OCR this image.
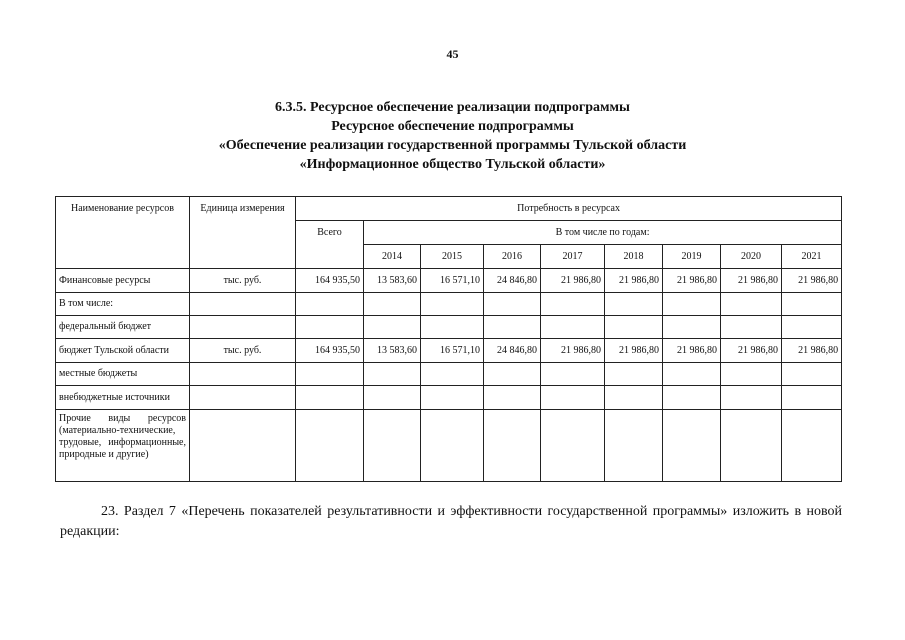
45
6.3.5. Ресурсное обеспечение реализации подпрограммы
Ресурсное обеспечение подпрограммы
«Обеспечение реализации государственной программы Тульской области
«Информационное общество Тульской области»
Наименование ресурсов	Единица измерения	Потребность в ресурсах								
		Всего	В том числе по годам:							
			2014	2015	2016	2017	2018	2019	2020	2021
Финансовые ресурсы	тыс. руб.	164 935,50	13 583,60	16 571,10	24 846,80	21 986,80	21 986,80	21 986,80	21 986,80	21 986,80
В том числе:										
федеральный бюджет										
бюджет Тульской области	тыс. руб.	164 935,50	13 583,60	16 571,10	24 846,80	21 986,80	21 986,80	21 986,80	21 986,80	21 986,80
местные бюджеты										
внебюджетные источники										
Прочие виды ресурсов (материально-технические, трудовые, информационные, природные и другие)										
23. Раздел 7 «Перечень показателей результативности и эффективности государственной программы» изложить в новой редакции:
